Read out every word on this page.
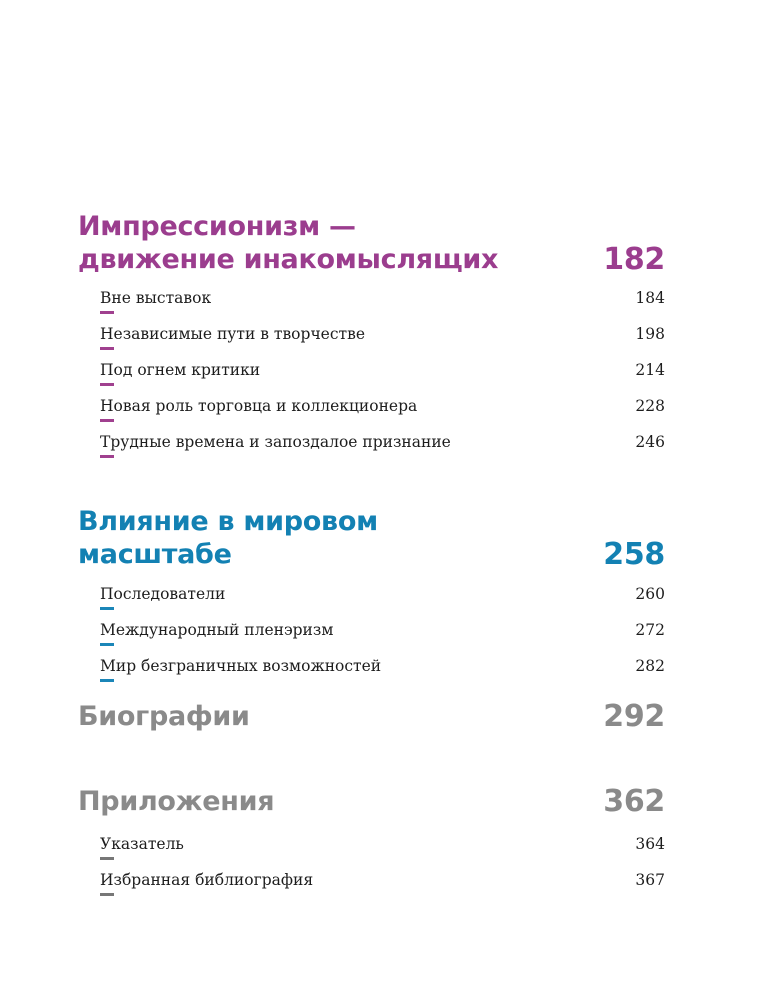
Импрессионизм —
движение инакомыслящих	182
Вне выставок	184
Независимые пути в творчестве	198
Под огнем критики	214
Новая роль торговца и коллекционера	228
Трудные времена и запоздалое признание	246
Влияние в мировом масштабе	258
Последователи	260
Международный пленэризм	272
Мир безграничных возможностей	282
Биографии	292
Приложения	362
Указатель	364
Избранная библиография	367
